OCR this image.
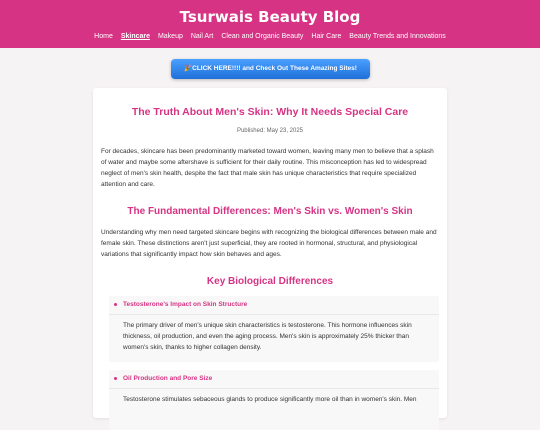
Tsurwais Beauty Blog
Home Skincare Makeup Nail Art Clean and Organic Beauty Hair Care Beauty Trends and Innovations
🎉CLICK HERE!!!! and Check Out These Amazing Sites!
The Truth About Men's Skin: Why It Needs Special Care
Published: May 23, 2025
For decades, skincare has been predominantly marketed toward women, leaving many men to believe that a splash of water and maybe some aftershave is sufficient for their daily routine. This misconception has led to widespread neglect of men's skin health, despite the fact that male skin has unique characteristics that require specialized attention and care.
The Fundamental Differences: Men's Skin vs. Women's Skin
Understanding why men need targeted skincare begins with recognizing the biological differences between male and female skin. These distinctions aren't just superficial, they are rooted in hormonal, structural, and physiological variations that significantly impact how skin behaves and ages.
Key Biological Differences
Testosterone's Impact on Skin Structure
The primary driver of men's unique skin characteristics is testosterone. This hormone influences skin thickness, oil production, and even the aging process. Men's skin is approximately 25% thicker than women's skin, thanks to higher collagen density.
Oil Production and Pore Size
Testosterone stimulates sebaceous glands to produce significantly more oil than in women's skin. Men
